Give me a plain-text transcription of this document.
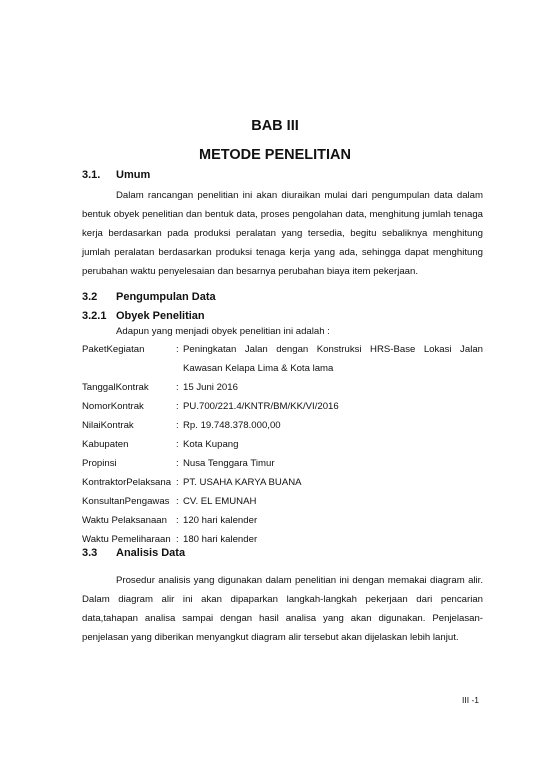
BAB III
METODE PENELITIAN
3.1. Umum

Dalam rancangan penelitian ini akan diuraikan mulai dari pengumpulan data dalam bentuk obyek penelitian dan bentuk data, proses pengolahan data, menghitung jumlah tenaga kerja berdasarkan pada produksi peralatan yang tersedia, begitu sebaliknya menghitung jumlah peralatan berdasarkan produksi tenaga kerja yang ada, sehingga dapat menghitung perubahan waktu penyelesaian dan besarnya perubahan biaya item pekerjaan.

3.2 Pengumpulan Data
3.2.1 Obyek Penelitian
Adapun yang menjadi obyek penelitian ini adalah :
PaketKegiatan	: Peningkatan Jalan dengan Konstruksi HRS-Base Lokasi Jalan Kawasan Kelapa Lima & Kota lama
TanggalKontrak	: 15 Juni 2016
NomorKontrak	: PU.700/221.4/KNTR/BM/KK/VI/2016
NilaiKontrak	: Rp. 19.748.378.000,00
Kabupaten	: Kota Kupang
Propinsi	: Nusa Tenggara Timur
KontraktorPelaksana : PT. USAHA KARYA BUANA
KonsultanPengawas : CV. EL EMUNAH
Waktu Pelaksanaan : 120 hari kalender
Waktu Pemeliharaan : 180 hari kalender
3.3 Analisis Data

Prosedur analisis yang digunakan dalam penelitian ini dengan memakai diagram alir. Dalam diagram alir ini akan dipaparkan langkah-langkah pekerjaan dari pencarian data,tahapan analisa sampai dengan hasil analisa yang akan digunakan. Penjelasan-penjelasan yang diberikan menyangkut diagram alir tersebut akan dijelaskan lebih lanjut.

III -1
